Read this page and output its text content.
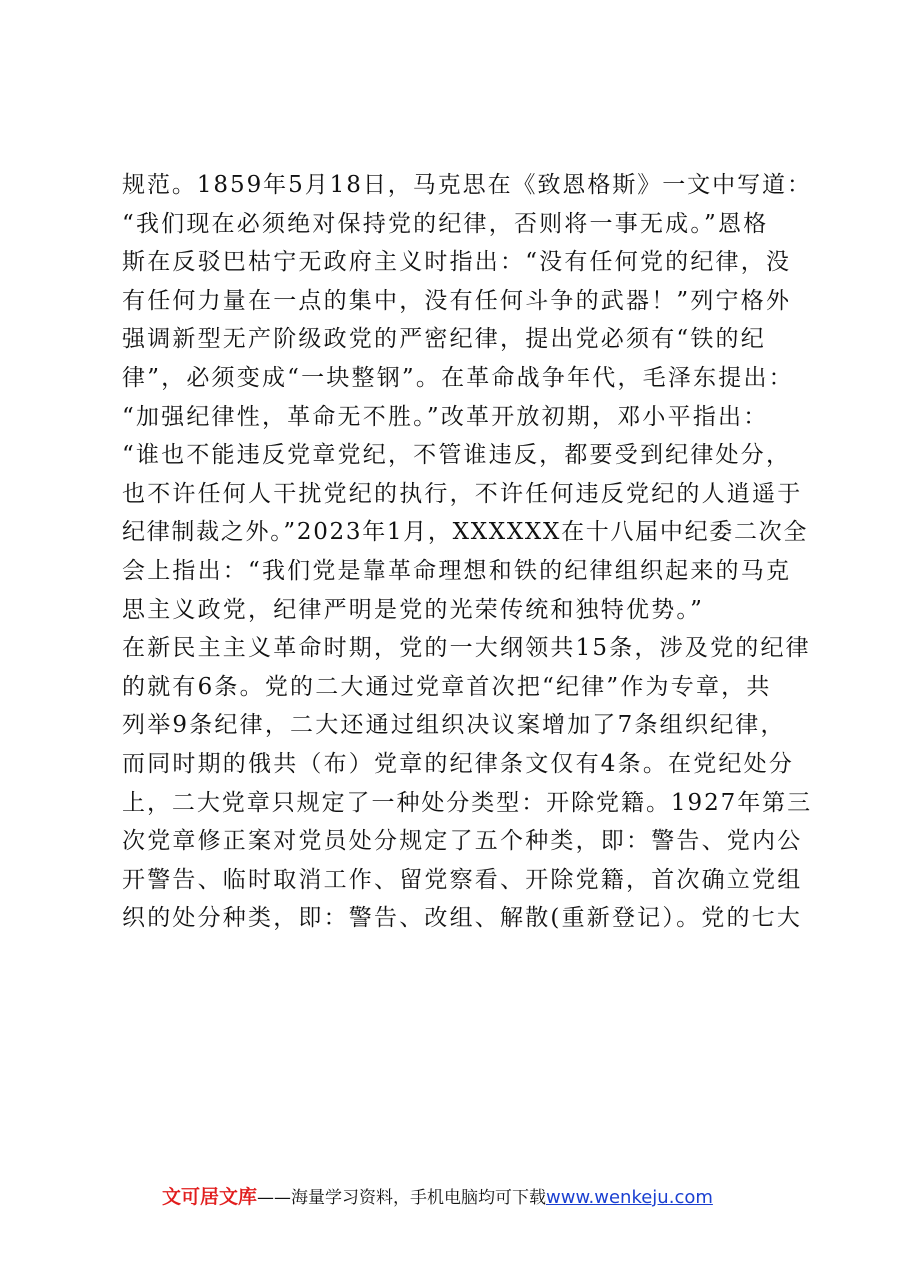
规范。1859年5月18日，马克思在《致恩格斯》一文中写道：
“我们现在必须绝对保持党的纪律，否则将一事无成。”恩格
斯在反驳巴枯宁无政府主义时指出：“没有任何党的纪律，没
有任何力量在一点的集中，没有任何斗争的武器！”列宁格外
强调新型无产阶级政党的严密纪律，提出党必须有“铁的纪
律”，必须变成“一块整钢”。在革命战争年代，毛泽东提出：
“加强纪律性，革命无不胜。”改革开放初期，邓小平指出：
“谁也不能违反党章党纪，不管谁违反，都要受到纪律处分，
也不许任何人干扰党纪的执行，不许任何违反党纪的人逍遥于
纪律制裁之外。”2023年1月，XXXXXX在十八届中纪委二次全
会上指出：“我们党是靠革命理想和铁的纪律组织起来的马克
思主义政党，纪律严明是党的光荣传统和独特优势。”
在新民主主义革命时期，党的一大纲领共15条，涉及党的纪律
的就有6条。党的二大通过党章首次把“纪律”作为专章，共
列举9条纪律，二大还通过组织决议案增加了7条组织纪律，
而同时期的俄共（布）党章的纪律条文仅有4条。在党纪处分
上，二大党章只规定了一种处分类型：开除党籍。1927年第三
次党章修正案对党员处分规定了五个种类，即：警告、党内公
开警告、临时取消工作、留党察看、开除党籍，首次确立党组
织的处分种类，即：警告、改组、解散(重新登记）。党的七大
文可居文库——海量学习资料，手机电脑均可下载www.wenkeju.com
